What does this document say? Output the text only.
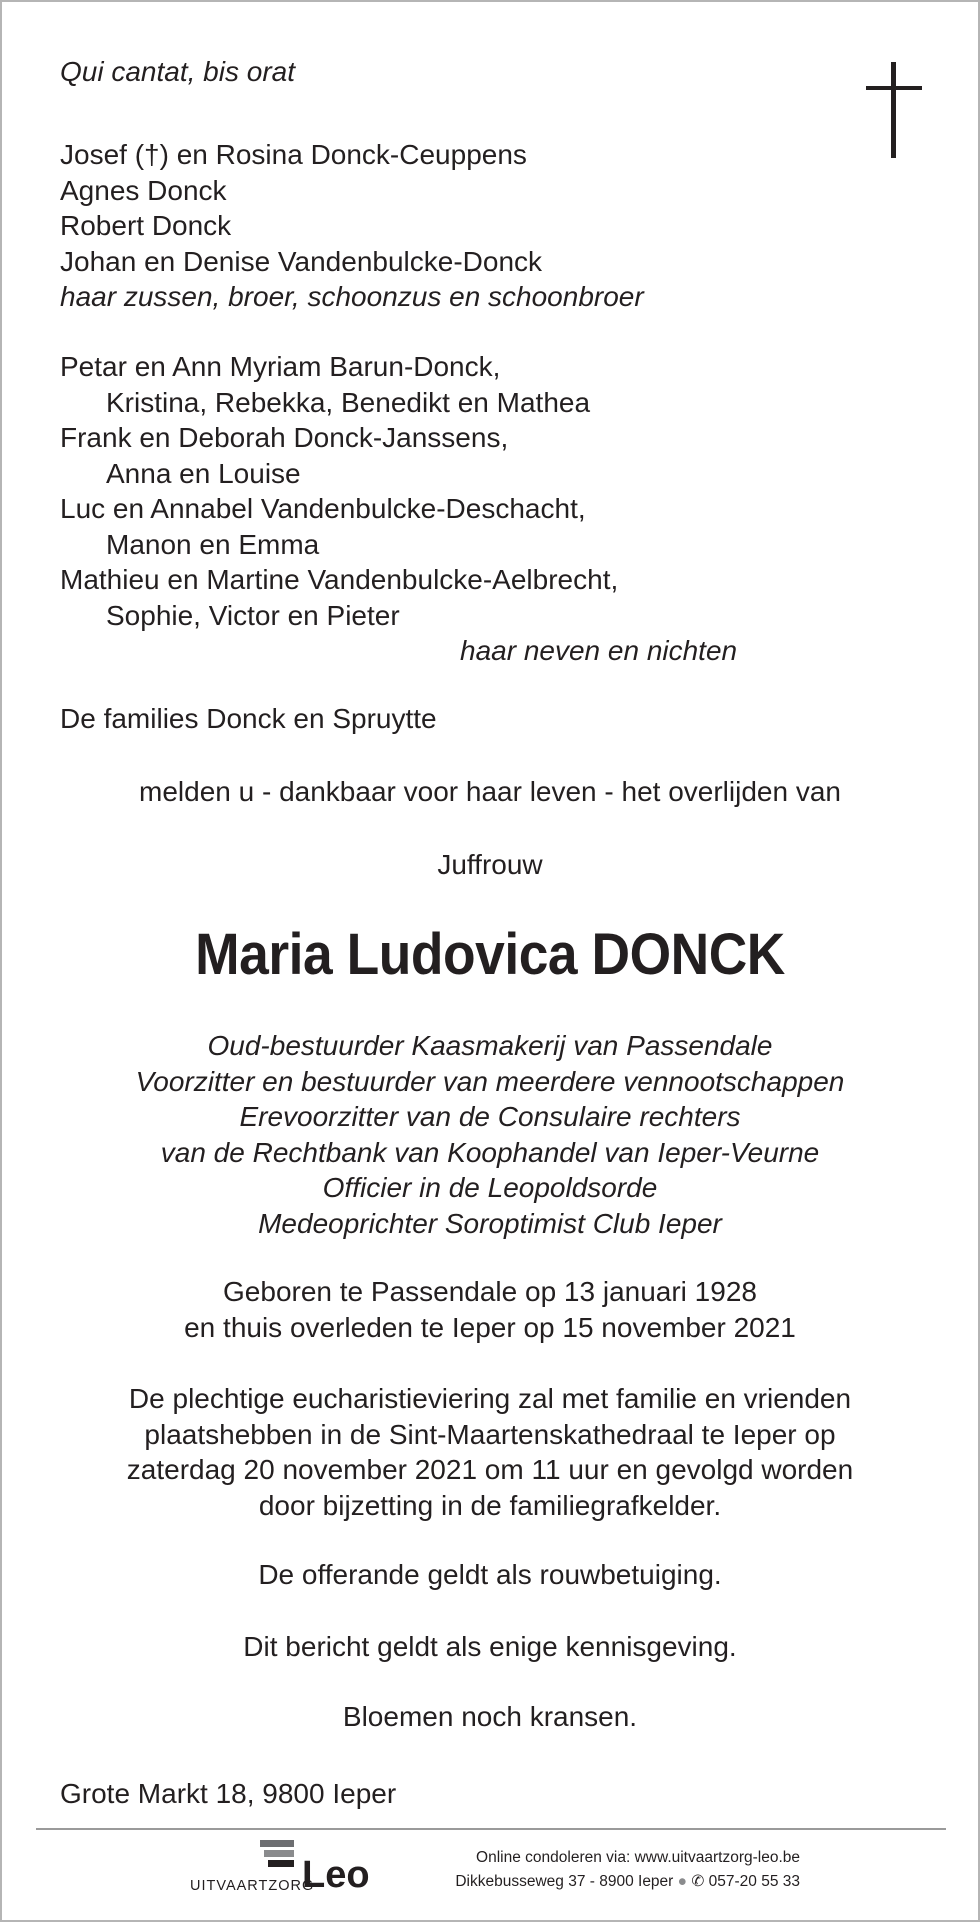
Qui cantat, bis orat
Josef (†) en Rosina Donck-Ceuppens
Agnes Donck
Robert Donck
Johan en Denise Vandenbulcke-Donck
haar zussen, broer, schoonzus en schoonbroer
Petar en Ann Myriam Barun-Donck,
Kristina, Rebekka, Benedikt en Mathea
Frank en Deborah Donck-Janssens,
Anna en Louise
Luc en Annabel Vandenbulcke-Deschacht,
Manon en Emma
Mathieu en Martine Vandenbulcke-Aelbrecht,
Sophie, Victor en Pieter
haar neven en nichten
De families Donck en Spruytte
melden u - dankbaar voor haar leven - het overlijden van
Juffrouw
Maria Ludovica DONCK
Oud-bestuurder Kaasmakerij van Passendale
Voorzitter en bestuurder van meerdere vennootschappen
Erevoorzitter van de Consulaire rechters
van de Rechtbank van Koophandel van Ieper-Veurne
Officier in de Leopoldsorde
Medeoprichter Soroptimist Club Ieper
Geboren te Passendale op 13 januari 1928
en thuis overleden te Ieper op 15 november 2021
De plechtige eucharistieviering zal met familie en vrienden
plaatshebben in de Sint-Maartenskathedraal te Ieper op
zaterdag 20 november 2021 om 11 uur en gevolgd worden
door bijzetting in de familiegrafkelder.
De offerande geldt als rouwbetuiging.
Dit bericht geldt als enige kennisgeving.
Bloemen noch kransen.
Grote Markt 18, 9800 Ieper
UITVAARTZORG
Leo	Online condoleren via: www.uitvaartzorg-leo.be
Dikkebusseweg 37 - 8900 Ieper ● ✆ 057-20 55 33
